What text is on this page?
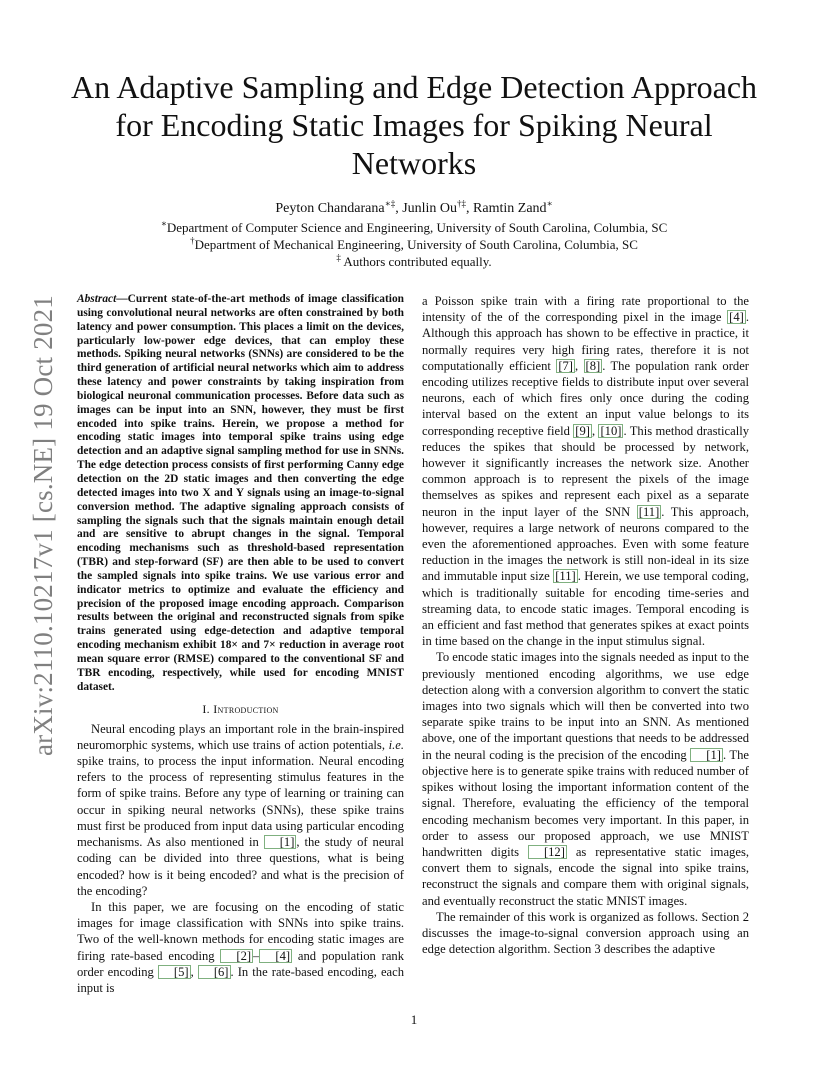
arXiv:2110.10217v1 [cs.NE] 19 Oct 2021
An Adaptive Sampling and Edge Detection Approach for Encoding Static Images for Spiking Neural Networks
Peyton Chandarana∗‡, Junlin Ou†‡, Ramtin Zand∗
∗Department of Computer Science and Engineering, University of South Carolina, Columbia, SC
†Department of Mechanical Engineering, University of South Carolina, Columbia, SC
‡ Authors contributed equally.

Abstract—Current state-of-the-art methods of image classification using convolutional neural networks are often constrained by both latency and power consumption. This places a limit on the devices, particularly low-power edge devices, that can employ these methods. Spiking neural networks (SNNs) are considered to be the third generation of artificial neural networks which aim to address these latency and power constraints by taking inspiration from biological neuronal communication processes. Before data such as images can be input into an SNN, however, they must be first encoded into spike trains. Herein, we propose a method for encoding static images into temporal spike trains using edge detection and an adaptive signal sampling method for use in SNNs. The edge detection process consists of first performing Canny edge detection on the 2D static images and then converting the edge detected images into two X and Y signals using an image-to-signal conversion method. The adaptive signaling approach consists of sampling the signals such that the signals maintain enough detail and are sensitive to abrupt changes in the signal. Temporal encoding mechanisms such as threshold-based representation (TBR) and step-forward (SF) are then able to be used to convert the sampled signals into spike trains. We use various error and indicator metrics to optimize and evaluate the efficiency and precision of the proposed image encoding approach. Comparison results between the original and reconstructed signals from spike trains generated using edge-detection and adaptive temporal encoding mechanism exhibit 18× and 7× reduction in average root mean square error (RMSE) compared to the conventional SF and TBR encoding, respectively, while used for encoding MNIST dataset.

I. Introduction

Neural encoding plays an important role in the brain-inspired neuromorphic systems, which use trains of action potentials, i.e. spike trains, to process the input information. Neural encoding refers to the process of representing stimulus features in the form of spike trains. Before any type of learning or training can occur in spiking neural networks (SNNs), these spike trains must first be produced from input data using particular encoding mechanisms. As also mentioned in [1] , the study of neural coding can be divided into three questions, what is being encoded? how is it being encoded? and what is the precision of the encoding?

In this paper, we are focusing on the encoding of static images for image classification with SNNs into spike trains. Two of the well-known methods for encoding static images are firing rate-based encoding [2] – [4] and population rank order encoding [5] , [6] . In the rate-based encoding, each input is

a Poisson spike train with a firing rate proportional to the intensity of the of the corresponding pixel in the image [4] . Although this approach has shown to be effective in practice, it normally requires very high firing rates, therefore it is not computationally efficient [7] , [8] . The population rank order encoding utilizes receptive fields to distribute input over several neurons, each of which fires only once during the coding interval based on the extent an input value belongs to its corresponding receptive field [9] , [10] . This method drastically reduces the spikes that should be processed by network, however it significantly increases the network size. Another common approach is to represent the pixels of the image themselves as spikes and represent each pixel as a separate neuron in the input layer of the SNN [11] . This approach, however, requires a large network of neurons compared to the even the aforementioned approaches. Even with some feature reduction in the images the network is still non-ideal in its size and immutable input size [11] . Herein, we use temporal coding, which is traditionally suitable for encoding time-series and streaming data, to encode static images. Temporal encoding is an efficient and fast method that generates spikes at exact points in time based on the change in the input stimulus signal.

To encode static images into the signals needed as input to the previously mentioned encoding algorithms, we use edge detection along with a conversion algorithm to convert the static images into two signals which will then be converted into two separate spike trains to be input into an SNN. As mentioned above, one of the important questions that needs to be addressed in the neural coding is the precision of the encoding [1] . The objective here is to generate spike trains with reduced number of spikes without losing the important information content of the signal. Therefore, evaluating the efficiency of the temporal encoding mechanism becomes very important. In this paper, in order to assess our proposed approach, we use MNIST handwritten digits [12] as representative static images, convert them to signals, encode the signal into spike trains, reconstruct the signals and compare them with original signals, and eventually reconstruct the static MNIST images.

The remainder of this work is organized as follows. Section 2 discusses the image-to-signal conversion approach using an edge detection algorithm. Section 3 describes the adaptive

1
